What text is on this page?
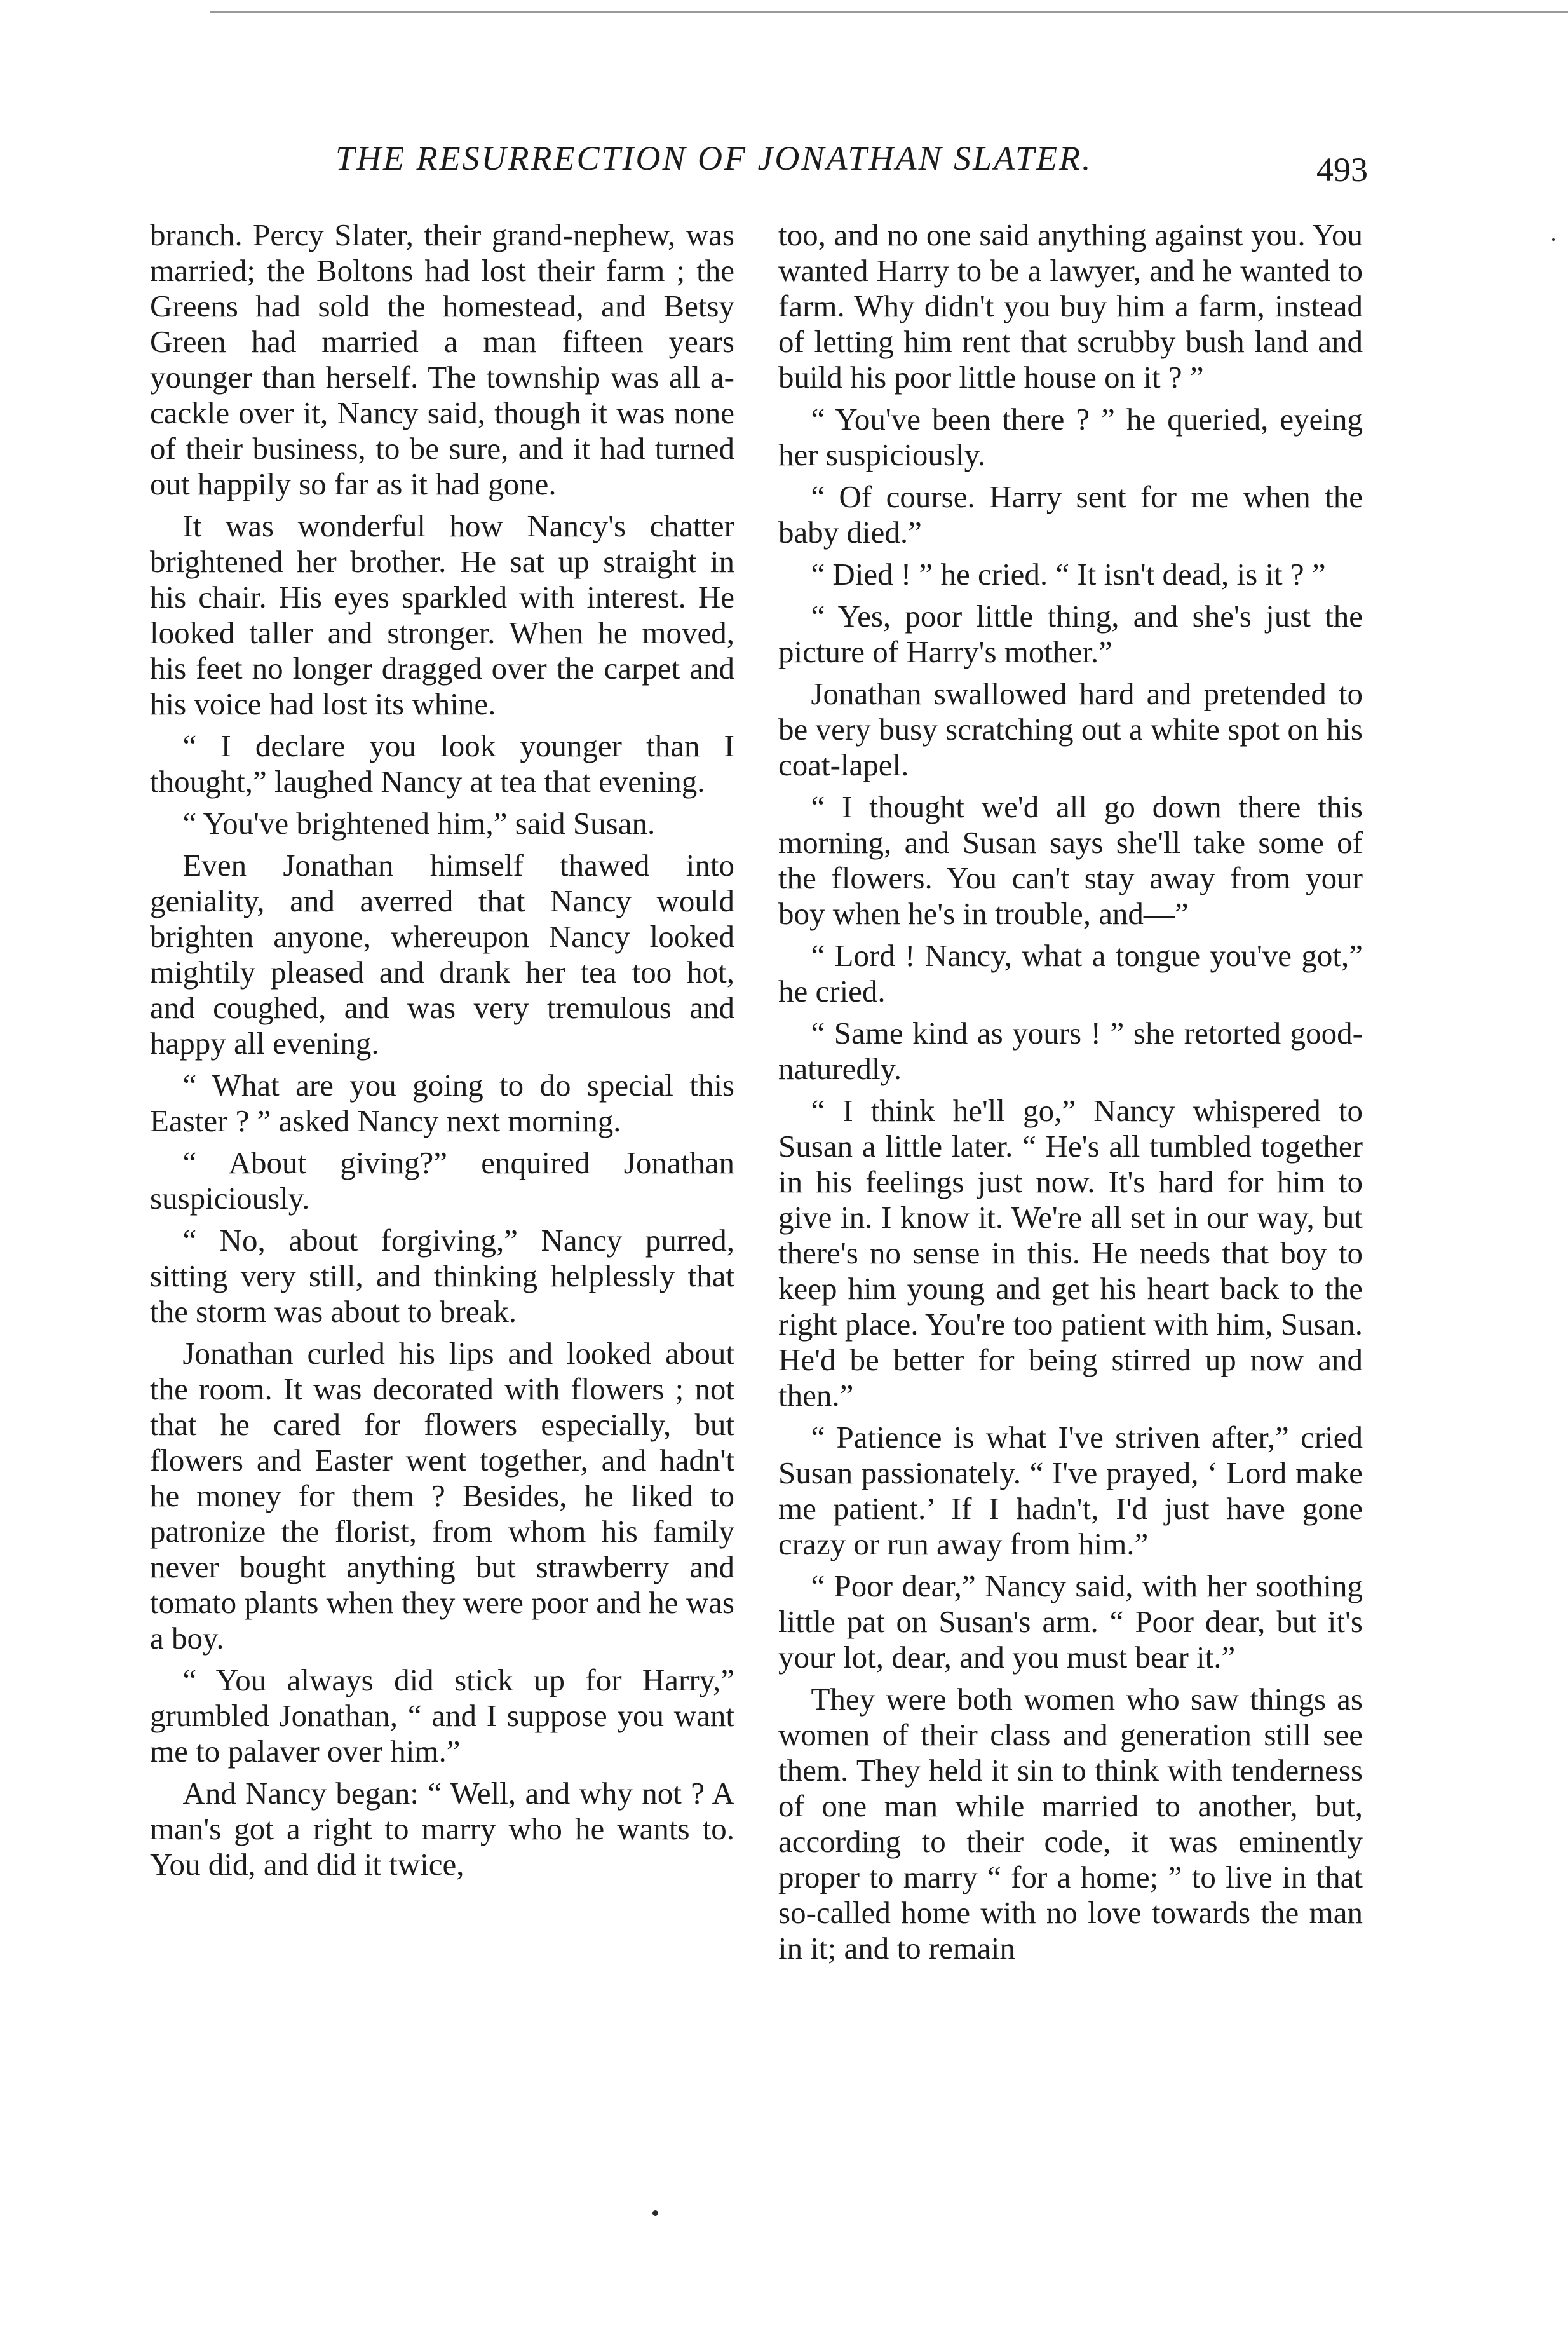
THE RESURRECTION OF JONATHAN SLATER.	493

branch. Percy Slater, their grand-nephew, was married; the Boltons had lost their farm ; the Greens had sold the homestead, and Betsy Green had married a man fifteen years younger than herself. The township was all a-cackle over it, Nancy said, though it was none of their business, to be sure, and it had turned out happily so far as it had gone.

It was wonderful how Nancy's chatter brightened her brother. He sat up straight in his chair. His eyes sparkled with interest. He looked taller and stronger. When he moved, his feet no longer dragged over the carpet and his voice had lost its whine.

“ I declare you look younger than I thought,” laughed Nancy at tea that evening.

“ You've brightened him,” said Susan.

Even Jonathan himself thawed into geniality, and averred that Nancy would brighten anyone, whereupon Nancy looked mightily pleased and drank her tea too hot, and coughed, and was very tremulous and happy all evening.

“ What are you going to do special this Easter ? ” asked Nancy next morning.

“ About giving?” enquired Jonathan suspiciously.

“ No, about forgiving,” Nancy purred, sitting very still, and thinking helplessly that the storm was about to break.

Jonathan curled his lips and looked about the room. It was decorated with flowers ; not that he cared for flowers especially, but flowers and Easter went together, and hadn't he money for them ? Besides, he liked to patronize the florist, from whom his family never bought anything but strawberry and tomato plants when they were poor and he was a boy.

“ You always did stick up for Harry,” grumbled Jonathan, “ and I suppose you want me to palaver over him.”

And Nancy began: “ Well, and why not ? A man's got a right to marry who he wants to. You did, and did it twice,

too, and no one said anything against you. You wanted Harry to be a lawyer, and he wanted to farm. Why didn't you buy him a farm, instead of letting him rent that scrubby bush land and build his poor little house on it ? ”

“ You've been there ? ” he queried, eyeing her suspiciously.

“ Of course. Harry sent for me when the baby died.”

“ Died ! ” he cried. “ It isn't dead, is it ? ”

“ Yes, poor little thing, and she's just the picture of Harry's mother.”

Jonathan swallowed hard and pretended to be very busy scratching out a white spot on his coat-lapel.

“ I thought we'd all go down there this morning, and Susan says she'll take some of the flowers. You can't stay away from your boy when he's in trouble, and—”

“ Lord ! Nancy, what a tongue you've got,” he cried.

“ Same kind as yours ! ” she retorted good-naturedly.

“ I think he'll go,” Nancy whispered to Susan a little later. “ He's all tumbled together in his feelings just now. It's hard for him to give in. I know it. We're all set in our way, but there's no sense in this. He needs that boy to keep him young and get his heart back to the right place. You're too patient with him, Susan. He'd be better for being stirred up now and then.”

“ Patience is what I've striven after,” cried Susan passionately. “ I've prayed, ‘ Lord make me patient.’ If I hadn't, I'd just have gone crazy or run away from him.”

“ Poor dear,” Nancy said, with her soothing little pat on Susan's arm. “ Poor dear, but it's your lot, dear, and you must bear it.”

They were both women who saw things as women of their class and generation still see them. They held it sin to think with tenderness of one man while married to another, but, according to their code, it was eminently proper to marry “ for a home; ” to live in that so-called home with no love towards the man in it; and to remain
